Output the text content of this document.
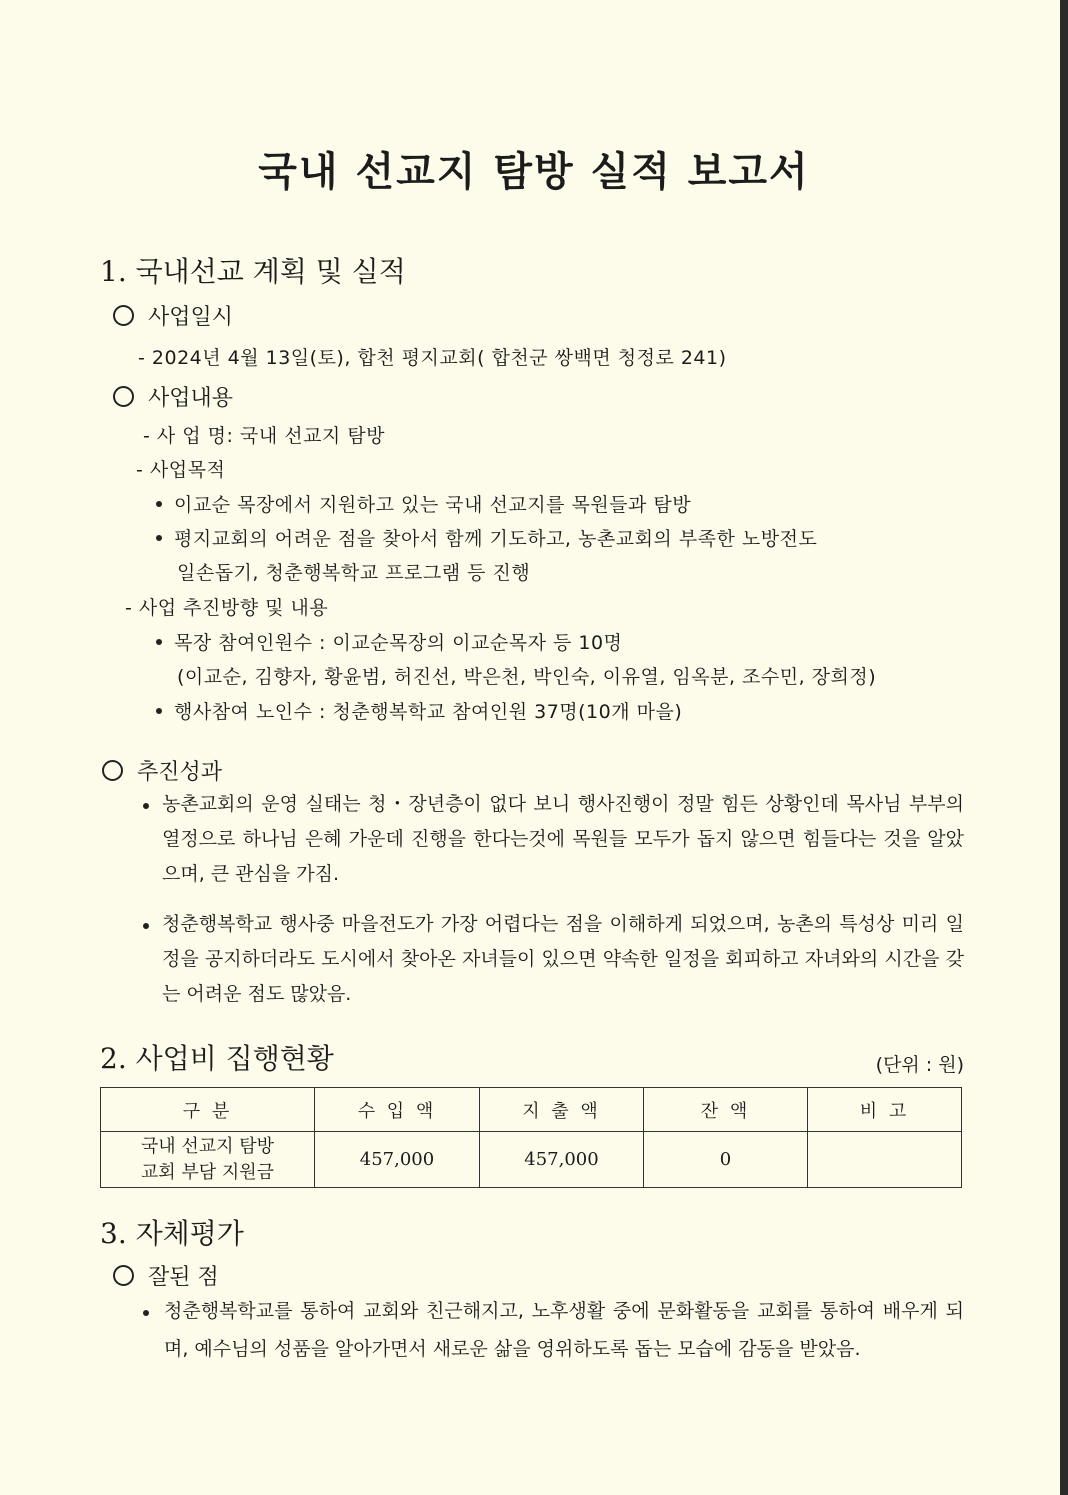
국내 선교지 탐방 실적 보고서
1. 국내선교 계획 및 실적
사업일시
- 2024년 4월 13일(토), 합천 평지교회( 합천군 쌍백면 청정로 241)
사업내용
- 사 업 명: 국내 선교지 탐방
- 사업목적
이교순 목장에서 지원하고 있는 국내 선교지를 목원들과 탐방
평지교회의 어려운 점을 찾아서 함께 기도하고, 농촌교회의 부족한 노방전도
일손돕기, 청춘행복학교 프로그램 등 진행
- 사업 추진방향 및 내용
목장 참여인원수 : 이교순목장의 이교순목자 등 10명
(이교순, 김향자, 황윤범, 허진선, 박은천, 박인숙, 이유열, 임옥분, 조수민, 장희정)
행사참여 노인수 : 청춘행복학교 참여인원 37명(10개 마을)
추진성과
농촌교회의 운영 실태는 청・장년층이 없다 보니 행사진행이 정말 힘든 상황인데 목사님 부부의 열정으로 하나님 은혜 가운데 진행을 한다는것에 목원들 모두가 돕지 않으면 힘들다는 것을 알았으며, 큰 관심을 가짐.
청춘행복학교 행사중 마을전도가 가장 어렵다는 점을 이해하게 되었으며, 농촌의 특성상 미리 일정을 공지하더라도 도시에서 찾아온 자녀들이 있으면 약속한 일정을 회피하고 자녀와의 시간을 갖는 어려운 점도 많았음.
2. 사업비 집행현황	(단위 : 원)
구 분	수 입 액	지 출 액	잔 액	비 고

국내 선교지 탐방
교회 부담 지원금	457,000	457,000	0	
3. 자체평가
잘된 점
청춘행복학교를 통하여 교회와 친근해지고, 노후생활 중에 문화활동을 교회를 통하여 배우게 되며, 예수님의 성품을 알아가면서 새로운 삶을 영위하도록 돕는 모습에 감동을 받았음.
